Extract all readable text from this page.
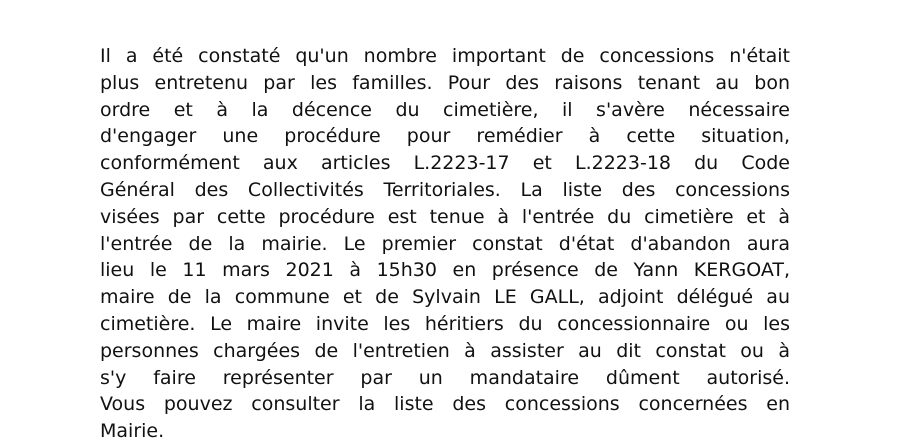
Il a été constaté qu'un nombre important de concessions n'était
plus entretenu par les familles. Pour des raisons tenant au bon
ordre et à la décence du cimetière, il s'avère nécessaire
d'engager une procédure pour remédier à cette situation,
conformément aux articles L.2223-17 et L.2223-18 du Code
Général des Collectivités Territoriales. La liste des concessions
visées par cette procédure est tenue à l'entrée du cimetière et à
l'entrée de la mairie. Le premier constat d'état d'abandon aura
lieu le 11 mars 2021 à 15h30 en présence de Yann KERGOAT,
maire de la commune et de Sylvain LE GALL, adjoint délégué au
cimetière. Le maire invite les héritiers du concessionnaire ou les
personnes chargées de l'entretien à assister au dit constat ou à
s'y faire représenter par un mandataire dûment autorisé.
Vous pouvez consulter la liste des concessions concernées en
Mairie.
